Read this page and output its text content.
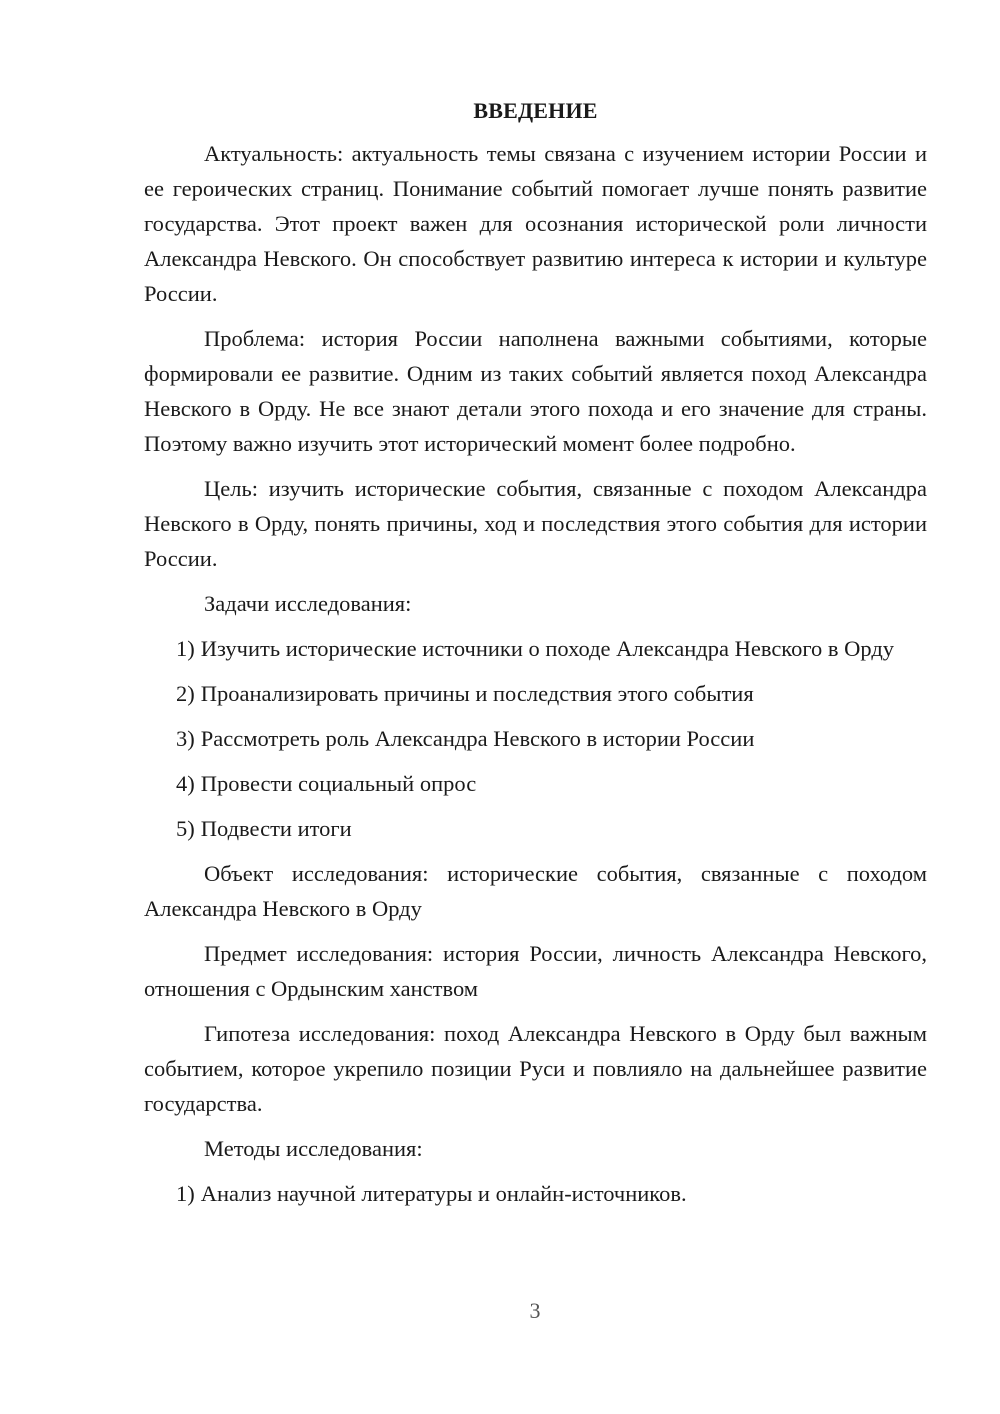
ВВЕДЕНИЕ

Актуальность: актуальность темы связана с изучением истории России и ее героических страниц. Понимание событий помогает лучше понять развитие государства. Этот проект важен для осознания исторической роли личности Александра Невского. Он способствует развитию интереса к истории и культуре России.

Проблема: история России наполнена важными событиями, которые формировали ее развитие. Одним из таких событий является поход Александра Невского в Орду. Не все знают детали этого похода и его значение для страны. Поэтому важно изучить этот исторический момент более подробно.

Цель: изучить исторические события, связанные с походом Александра Невского в Орду, понять причины, ход и последствия этого события для истории России.

Задачи исследования:

1) Изучить исторические источники о походе Александра Невского в Орду

2) Проанализировать причины и последствия этого события

3) Рассмотреть роль Александра Невского в истории России

4) Провести социальный опрос

5) Подвести итоги

Объект исследования: исторические события, связанные с походом Александра Невского в Орду

Предмет исследования: история России, личность Александра Невского, отношения с Ордынским ханством

Гипотеза исследования: поход Александра Невского в Орду был важным событием, которое укрепило позиции Руси и повлияло на дальнейшее развитие государства.

Методы исследования:

1) Анализ научной литературы и онлайн-источников.

3
